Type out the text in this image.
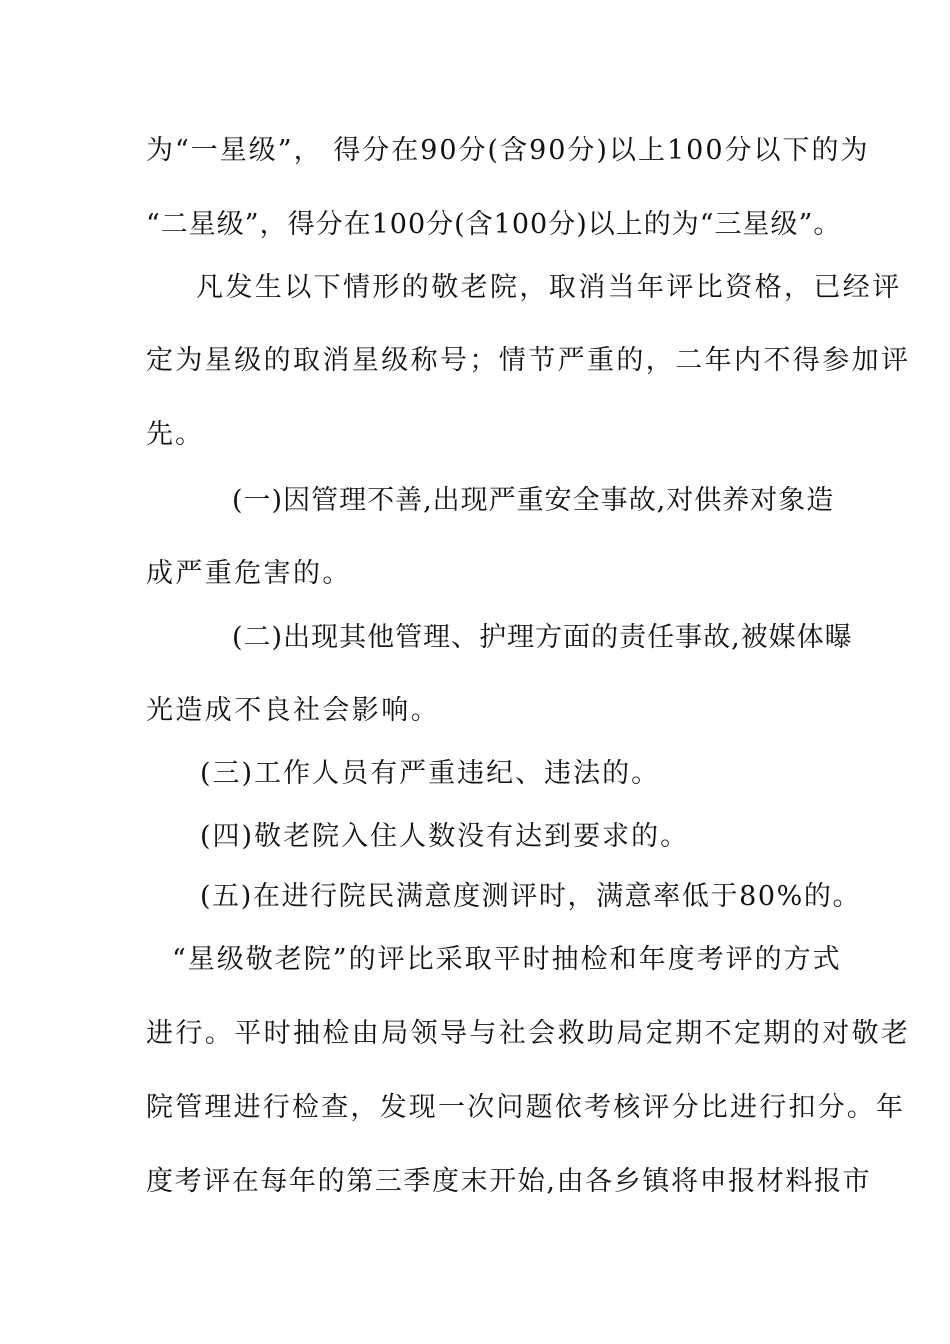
为“一星级”， 得分在90分(含90分)以上100分以下的为
“二星级”，得分在100分(含100分)以上的为“三星级”。
凡发生以下情形的敬老院，取消当年评比资格，已经评
定为星级的取消星级称号；情节严重的，二年内不得参加评
先。
(一)因管理不善,出现严重安全事故,对供养对象造
成严重危害的。
(二)出现其他管理、护理方面的责任事故,被媒体曝
光造成不良社会影响。
(三)工作人员有严重违纪、违法的。
(四)敬老院入住人数没有达到要求的。
(五)在进行院民满意度测评时，满意率低于80%的。
“星级敬老院”的评比采取平时抽检和年度考评的方式
进行。平时抽检由局领导与社会救助局定期不定期的对敬老
院管理进行检查，发现一次问题依考核评分比进行扣分。年
度考评在每年的第三季度末开始,由各乡镇将申报材料报市
